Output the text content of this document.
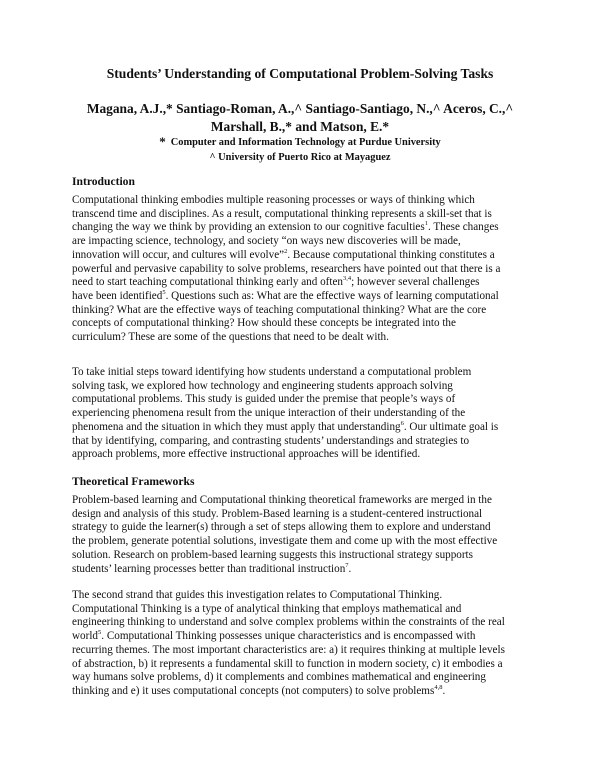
Students’ Understanding of Computational Problem-Solving Tasks
Magana, A.J.,* Santiago-Roman, A.,^ Santiago-Santiago, N.,^ Aceros, C.,^
Marshall, B.,* and Matson, E.*
* Computer and Information Technology at Purdue University
^ University of Puerto Rico at Mayaguez
Introduction
Computational thinking embodies multiple reasoning processes or ways of thinking which
transcend time and disciplines. As a result, computational thinking represents a skill-set that is
changing the way we think by providing an extension to our cognitive faculties$^1$. These changes
are impacting science, technology, and society “on ways new discoveries will be made,
innovation will occur, and cultures will evolve”$^2$. Because computational thinking constitutes a
powerful and pervasive capability to solve problems, researchers have pointed out that there is a
need to start teaching computational thinking early and often$^{3,4}$; however several challenges
have been identified$^5$. Questions such as: What are the effective ways of learning computational
thinking? What are the effective ways of teaching computational thinking? What are the core
concepts of computational thinking? How should these concepts be integrated into the
curriculum? These are some of the questions that need to be dealt with.
To take initial steps toward identifying how students understand a computational problem
solving task, we explored how technology and engineering students approach solving
computational problems. This study is guided under the premise that people’s ways of
experiencing phenomena result from the unique interaction of their understanding of the
phenomena and the situation in which they must apply that understanding$^6$. Our ultimate goal is
that by identifying, comparing, and contrasting students’ understandings and strategies to
approach problems, more effective instructional approaches will be identified.
Theoretical Frameworks
Problem-based learning and Computational thinking theoretical frameworks are merged in the
design and analysis of this study. Problem-Based learning is a student-centered instructional
strategy to guide the learner(s) through a set of steps allowing them to explore and understand
the problem, generate potential solutions, investigate them and come up with the most effective
solution. Research on problem-based learning suggests this instructional strategy supports
students’ learning processes better than traditional instruction$^7$.
The second strand that guides this investigation relates to Computational Thinking.
Computational Thinking is a type of analytical thinking that employs mathematical and
engineering thinking to understand and solve complex problems within the constraints of the real
world$^5$. Computational Thinking possesses unique characteristics and is encompassed with
recurring themes. The most important characteristics are: a) it requires thinking at multiple levels
of abstraction, b) it represents a fundamental skill to function in modern society, c) it embodies a
way humans solve problems, d) it complements and combines mathematical and engineering
thinking and e) it uses computational concepts (not computers) to solve problems$^{4,8}$.
